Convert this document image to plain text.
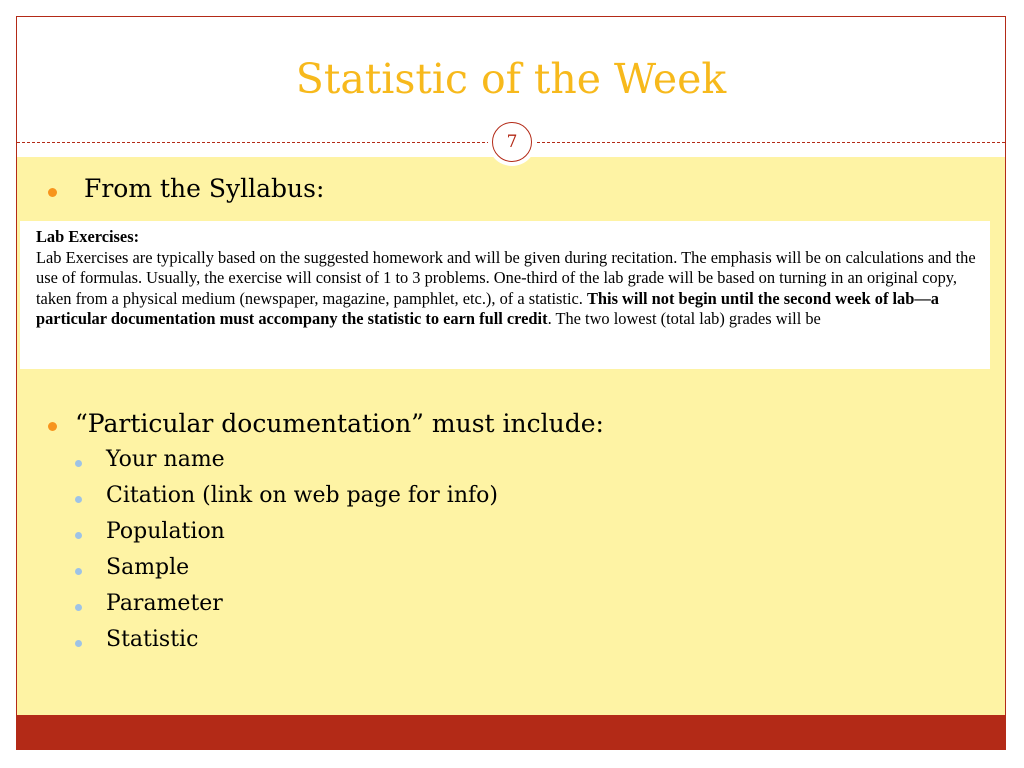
Statistic of the Week
7
From the Syllabus:
Lab Exercises:
Lab Exercises are typically based on the suggested homework and will be given during recitation. The emphasis will be on calculations and the use of formulas. Usually, the exercise will consist of 1 to 3 problems. One-third of the lab grade will be based on turning in an original copy, taken from a physical medium (newspaper, magazine, pamphlet, etc.), of a statistic. This will not begin until the second week of lab—a particular documentation must accompany the statistic to earn full credit. The two lowest (total lab) grades will be
“Particular documentation” must include:
Your name
Citation (link on web page for info)
Population
Sample
Parameter
Statistic
